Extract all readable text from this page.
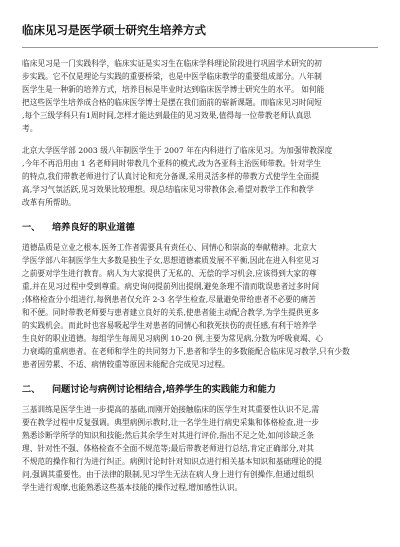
临床见习是医学硕士研究生培养方式

临床见习是一门实践科学，临床实证是实习生在临床学科理论阶段进行巩固学术研究的初
步实践。它不仅是理论与实践的重要桥梁，也是中医学临床教学的重要组成部分。八年制
医学生是一种新的培养方式，培养目标是毕业时达到临床医学博士研究生的水平。 如何能
把这些医学生培养成合格的临床医学博士是摆在我们面前的崭新课题。而临床见习时间短
,每个三级学科只有1周时间,怎样才能达到最佳的见习效果,值得每一位带教老师认真思
考。

北京大学医学部 2003 级八年制医学生于 2007 年在内科进行了临床见习。为加强带教深度
,今年不再沿用由 1 名老师同时带教几个亚科的模式,改为各亚科主治医师带教。针对学生
的特点,我们带教老师进行了认真讨论和充分备课,采用灵活多样的带教方式使学生全面提
高,学习气氛活跃,见习效果比较理想。现总结临床见习带教体会,希望对教学工作和教学
改革有所帮助。

一、 培养良好的职业道德

道德品质是立业之根本,医务工作者需要具有责任心、同情心和崇高的奉献精神。北京大
学医学部八年制医学生大多数是独生子女,思想道德素质发展不平衡,因此在进入科室见习
之前要对学生进行教育。病人为大家提供了无私的、无偿的学习机会,应该得到大家的尊
重,并在见习过程中受到尊重。病史询问提前列出提纲,避免条理不清而耽误患者过多时间
;体格检查分小组进行,每例患者仅允许 2-3 名学生检查,尽量避免带给患者不必要的痛苦
和不便。同时带教老师要与患者建立良好的关系,使患者能主动配合教学,为学生提供更多
的实践机会。而此时也容易吸起学生对患者的同情心和救死扶伤的责任感,有利于培养学
生良好的职业道德。每组学生每周见习病例 10-20 例,主要为常见病,分数为呼吸衰竭、心
力衰竭的重病患者。在老师和学生的共同努力下,患者和学生的多数能配合临床见习教学,只有少数
患者因劳累、不适、病情较重等原因未能配合完成见习过程。

二、 问题讨论与病例讨论相结合,培养学生的实践能力和能力

三基训练是医学生进一步提高的基础,而刚开始接触临床的医学生对其重要性认识不足,需
要在教学过程中反复强调。典型病例示教时,让一名学生进行病史采集和体格检查,进一步
熟悉诊断学所学的知识和技能;然后其余学生对其进行评价,指出不足之处,如问诊缺乏条
理、针对性不强、体格检查不全面不规范等;最后带教老师进行总结,肯定正确部分,对其
不规范的操作和行为进行纠正。病例讨论时针对知识点进行相关基本知识和基础理论的提
问,强调其重要性。由于法律的限制,见习学生无法在病人身上进行有创操作,但通过组织
学生进行观摩,也能熟悉这些基本技能的操作过程,增加感性认识。
